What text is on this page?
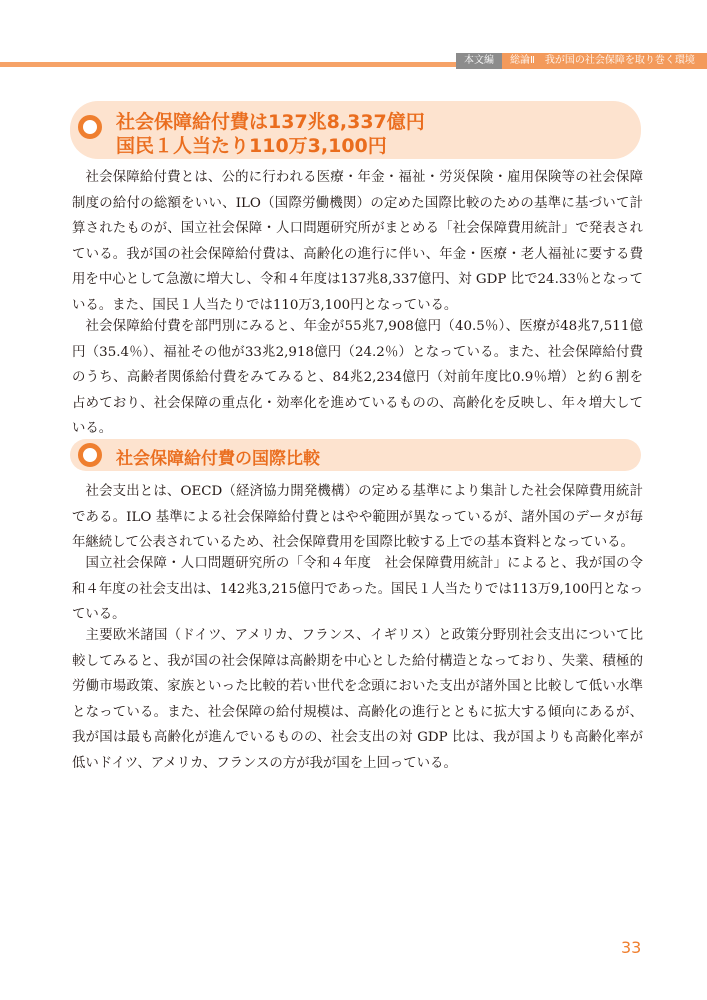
本文編	総論Ⅱ　我が国の社会保障を取り巻く環境
社会保障給付費は137兆8,337億円
国民１人当たり110万3,100円

社会保障給付費とは、公的に行われる医療・年金・福祉・労災保険・雇用保険等の社会保障制度の給付の総額をいい、ILO（国際労働機関）の定めた国際比較のための基準に基づいて計算されたものが、国立社会保障・人口問題研究所がまとめる「社会保障費用統計」で発表されている。我が国の社会保障給付費は、高齢化の進行に伴い、年金・医療・老人福祉に要する費用を中心として急激に増大し、令和４年度は137兆8,337億円、対 GDP 比で24.33％となっている。また、国民１人当たりでは110万3,100円となっている。

社会保障給付費を部門別にみると、年金が55兆7,908億円（40.5％）、医療が48兆7,511億円（35.4％）、福祉その他が33兆2,918億円（24.2％）となっている。また、社会保障給付費のうち、高齢者関係給付費をみてみると、84兆2,234億円（対前年度比0.9％増）と約６割を占めており、社会保障の重点化・効率化を進めているものの、高齢化を反映し、年々増大している。

社会保障給付費の国際比較

社会支出とは、OECD（経済協力開発機構）の定める基準により集計した社会保障費用統計である。ILO 基準による社会保障給付費とはやや範囲が異なっているが、諸外国のデータが毎年継続して公表されているため、社会保障費用を国際比較する上での基本資料となっている。

国立社会保障・人口問題研究所の「令和４年度　社会保障費用統計」によると、我が国の令和４年度の社会支出は、142兆3,215億円であった。国民１人当たりでは113万9,100円となっている。

主要欧米諸国（ドイツ、アメリカ、フランス、イギリス）と政策分野別社会支出について比較してみると、我が国の社会保障は高齢期を中心とした給付構造となっており、失業、積極的労働市場政策、家族といった比較的若い世代を念頭においた支出が諸外国と比較して低い水準となっている。また、社会保障の給付規模は、高齢化の進行とともに拡大する傾向にあるが、我が国は最も高齢化が進んでいるものの、社会支出の対 GDP 比は、我が国よりも高齢化率が低いドイツ、アメリカ、フランスの方が我が国を上回っている。

33
